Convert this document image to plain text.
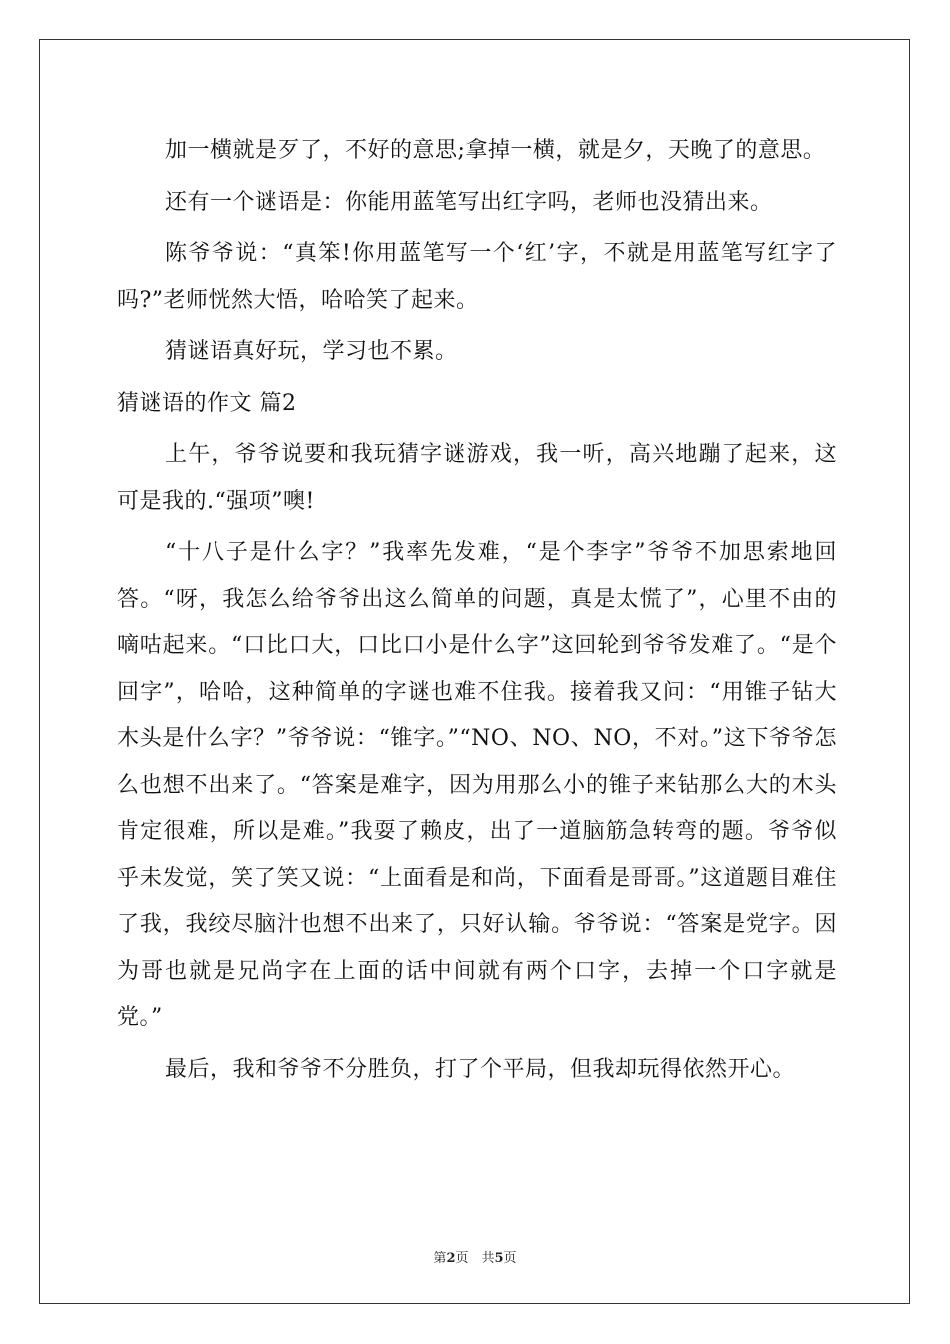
加一横就是歹了，不好的意思;拿掉一横，就是夕，天晚了的意思。

还有一个谜语是：你能用蓝笔写出红字吗，老师也没猜出来。

陈爷爷说：“真笨!你用蓝笔写一个‘红’字，不就是用蓝笔写红字了吗?”老师恍然大悟，哈哈笑了起来。

猜谜语真好玩，学习也不累。

猜谜语的作文 篇2

上午，爷爷说要和我玩猜字谜游戏，我一听，高兴地蹦了起来，这可是我的.“强项”噢!

“十八子是什么字？”我率先发难，“是个李字”爷爷不加思索地回答。“呀，我怎么给爷爷出这么简单的问题，真是太慌了”，心里不由的嘀咕起来。“口比口大，口比口小是什么字”这回轮到爷爷发难了。“是个回字”，哈哈，这种简单的字谜也难不住我。接着我又问：“用锥子钻大木头是什么字？”爷爷说：“锥字。”“NO、NO、NO，不对。”这下爷爷怎么也想不出来了。“答案是难字，因为用那么小的锥子来钻那么大的木头肯定很难，所以是难。”我耍了赖皮，出了一道脑筋急转弯的题。爷爷似乎未发觉，笑了笑又说：“上面看是和尚，下面看是哥哥。”这道题目难住了我，我绞尽脑汁也想不出来了，只好认输。爷爷说：“答案是党字。因为哥也就是兄尚字在上面的话中间就有两个口字，去掉一个口字就是党。”

最后，我和爷爷不分胜负，打了个平局，但我却玩得依然开心。

第2页　共5页
